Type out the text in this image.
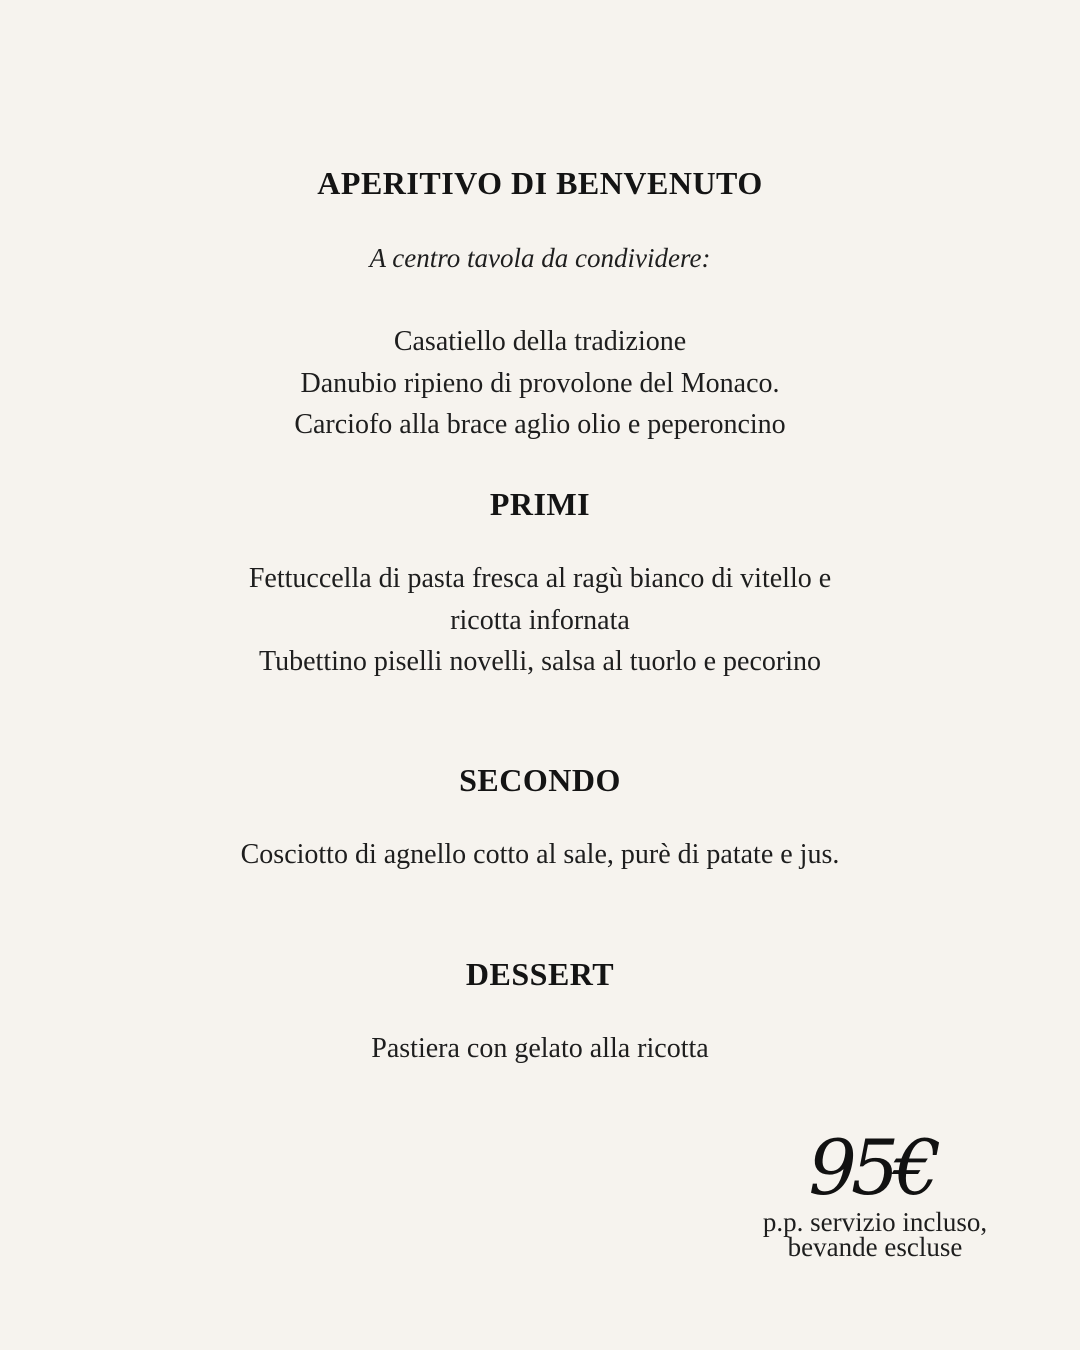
APERITIVO DI BENVENUTO
A centro tavola da condividere:
Casatiello della tradizione
Danubio ripieno di provolone del Monaco.
Carciofo alla brace aglio olio e peperoncino
PRIMI
Fettuccella di pasta fresca al ragù bianco di vitello e ricotta infornata
Tubettino piselli novelli, salsa al tuorlo e pecorino
SECONDO
Cosciotto di agnello cotto al sale, purè di patate e jus.
DESSERT
Pastiera con gelato alla ricotta
95€
p.p. servizio incluso,
bevande escluse
